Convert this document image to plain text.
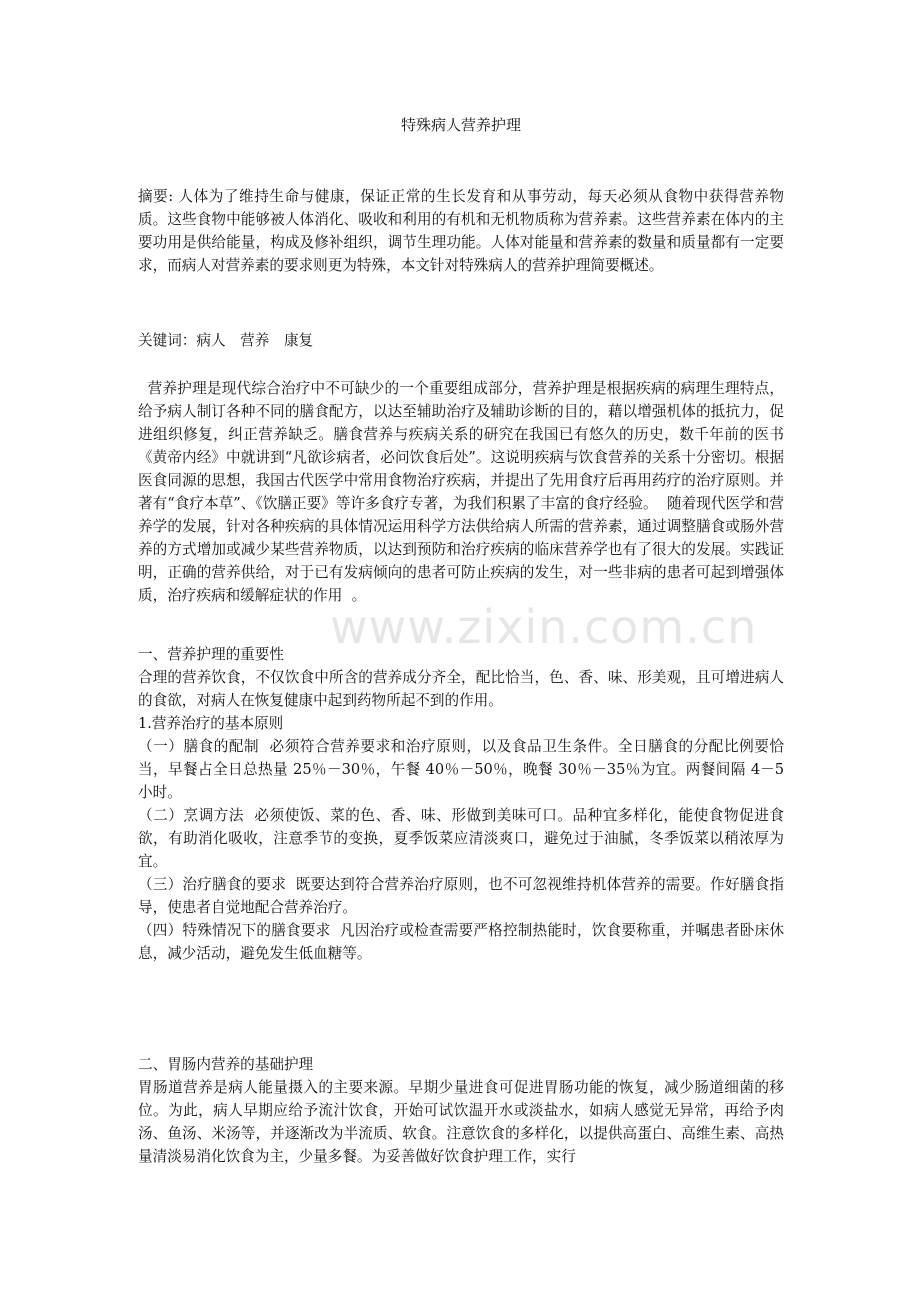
www.zixin.com.cn
特殊病人营养护理

摘要: 人体为了维持生命与健康，保证正常的生长发育和从事劳动，每天必须从食物中获得营养物质。这些食物中能够被人体消化、吸收和利用的有机和无机物质称为营养素。这些营养素在体内的主要功用是供给能量，构成及修补组织，调节生理功能。人体对能量和营养素的数量和质量都有一定要求，而病人对营养素的要求则更为特殊，本文针对特殊病人的营养护理简要概述。

关键词：病人　营养　康复

营养护理是现代综合治疗中不可缺少的一个重要组成部分，营养护理是根据疾病的病理生理特点，给予病人制订各种不同的膳食配方，以达至辅助治疗及辅助诊断的目的，藉以增强机体的抵抗力，促进组织修复，纠正营养缺乏。膳食营养与疾病关系的研究在我国已有悠久的历史，数千年前的医书《黄帝内经》中就讲到“凡欲诊病者，必问饮食后处”。这说明疾病与饮食营养的关系十分密切。根据医食同源的思想，我国古代医学中常用食物治疗疾病，并提出了先用食疗后再用药疗的治疗原则。并著有“食疗本草”、《饮膳正要》等许多食疗专著，为我们积累了丰富的食疗经验。  随着现代医学和营养学的发展，针对各种疾病的具体情况运用科学方法供给病人所需的营养素，通过调整膳食或肠外营养的方式增加或减少某些营养物质，以达到预防和治疗疾病的临床营养学也有了很大的发展。实践证明，正确的营养供给，对于已有发病倾向的患者可防止疾病的发生，对一些非病的患者可起到增强体质，治疗疾病和缓解症状的作用  。

一、营养护理的重要性

合理的营养饮食，不仅饮食中所含的营养成分齐全，配比恰当，色、香、味、形美观，且可增进病人的食欲，对病人在恢复健康中起到药物所起不到的作用。

1.营养治疗的基本原则

（一）膳食的配制  必须符合营养要求和治疗原则，以及食品卫生条件。全日膳食的分配比例要恰当，早餐占全日总热量 25％－30％，午餐 40％－50％，晚餐 30％－35％为宜。两餐间隔 4－5 小时。

（二）烹调方法  必须使饭、菜的色、香、味、形做到美味可口。品种宜多样化，能使食物促进食欲，有助消化吸收，注意季节的变换，夏季饭菜应清淡爽口，避免过于油腻，冬季饭菜以稍浓厚为宜。

（三）治疗膳食的要求  既要达到符合营养治疗原则，也不可忽视维持机体营养的需要。作好膳食指导，使患者自觉地配合营养治疗。

（四）特殊情况下的膳食要求  凡因治疗或检查需要严格控制热能时，饮食要称重，并嘱患者卧床休息，减少活动，避免发生低血糖等。

二、胃肠内营养的基础护理

胃肠道营养是病人能量摄入的主要来源。早期少量进食可促进胃肠功能的恢复，减少肠道细菌的移位。为此，病人早期应给予流汁饮食，开始可试饮温开水或淡盐水，如病人感觉无异常，再给予肉汤、鱼汤、米汤等，并逐渐改为半流质、软食。注意饮食的多样化，以提供高蛋白、高维生素、高热量清淡易消化饮食为主，少量多餐。为妥善做好饮食护理工作，实行
